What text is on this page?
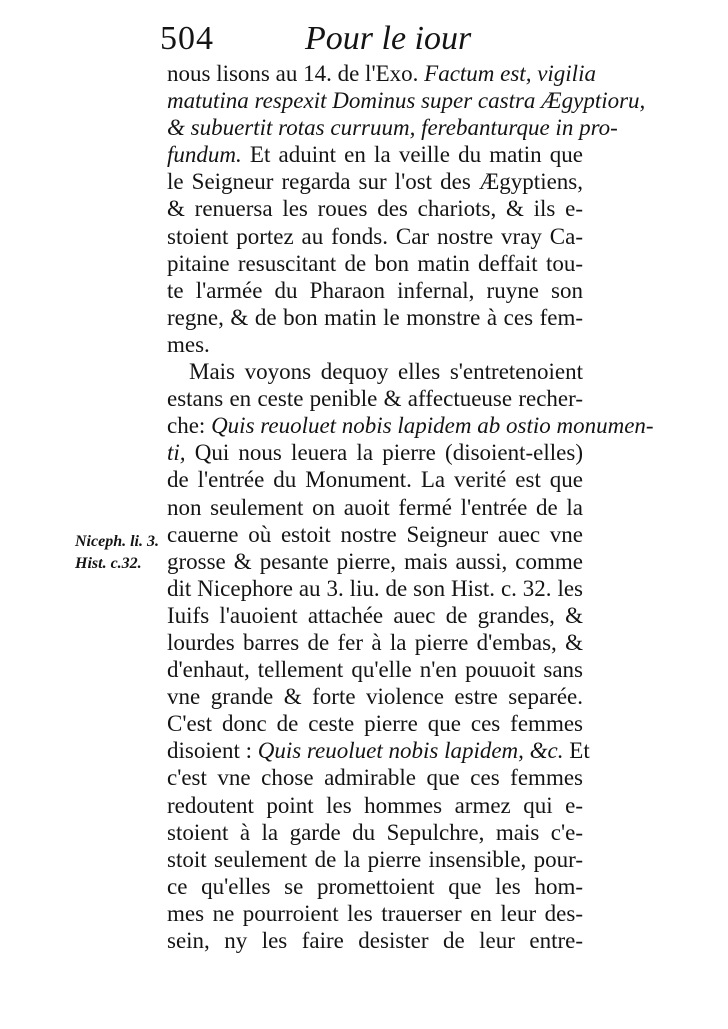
504	Pour le iour
Niceph. li. 3.
Hist. c.32.
nous lisons au 14. de l'Exo. Factum est, vigilia
matutina respexit Dominus super castra Ægyptioru,
& subuertit rotas curruum, ferebanturque in pro-
fundum. Et aduint en la veille du matin que
le Seigneur regarda sur l'ost des Ægyptiens,
& renuersa les roues des chariots, & ils e-
stoient portez au fonds. Car nostre vray Ca-
pitaine resuscitant de bon matin deffait tou-
te l'armée du Pharaon infernal, ruyne son
regne, & de bon matin le monstre à ces fem-
mes.
Mais voyons dequoy elles s'entretenoient
estans en ceste penible & affectueuse recher-
che: Quis reuoluet nobis lapidem ab ostio monumen-
ti, Qui nous leuera la pierre (disoient-elles)
de l'entrée du Monument. La verité est que
non seulement on auoit fermé l'entrée de la
cauerne où estoit nostre Seigneur auec vne
grosse & pesante pierre, mais aussi, comme
dit Nicephore au 3. liu. de son Hist. c. 32. les
Iuifs l'auoient attachée auec de grandes, &
lourdes barres de fer à la pierre d'embas, &
d'enhaut, tellement qu'elle n'en pouuoit sans
vne grande & forte violence estre separée.
C'est donc de ceste pierre que ces femmes
disoient : Quis reuoluet nobis lapidem, &c. Et
c'est vne chose admirable que ces femmes
redoutent point les hommes armez qui e-
stoient à la garde du Sepulchre, mais c'e-
stoit seulement de la pierre insensible, pour-
ce qu'elles se promettoient que les hom-
mes ne pourroient les trauerser en leur des-
sein, ny les faire desister de leur entre-
